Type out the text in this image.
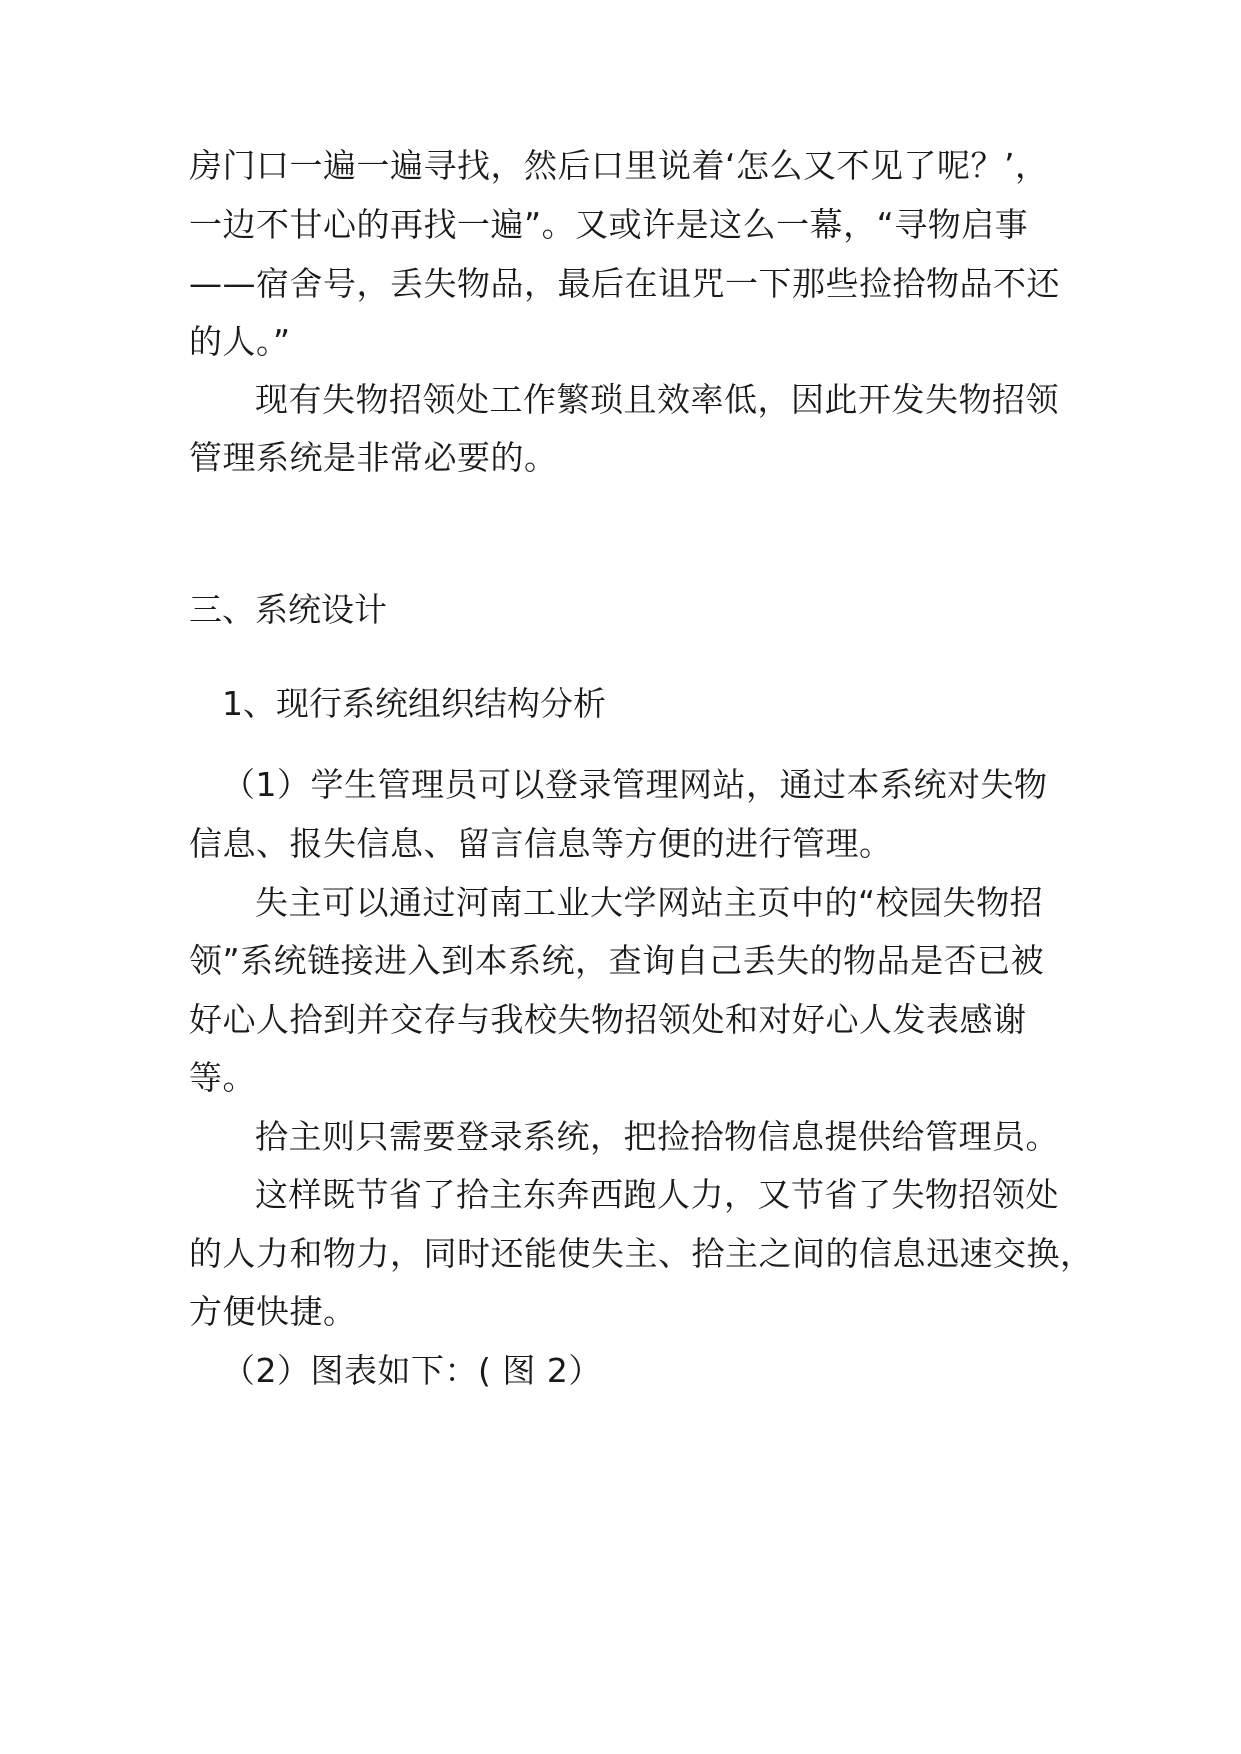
房门口一遍一遍寻找，然后口里说着‘怎么又不见了呢？’，
一边不甘心的再找一遍”。又或许是这么一幕，“寻物启事
——宿舍号，丢失物品，最后在诅咒一下那些捡拾物品不还
的人。”
现有失物招领处工作繁琐且效率低，因此开发失物招领
管理系统是非常必要的。
三、系统设计
1、现行系统组织结构分析
（1）学生管理员可以登录管理网站，通过本系统对失物
信息、报失信息、留言信息等方便的进行管理。
失主可以通过河南工业大学网站主页中的“校园失物招
领”系统链接进入到本系统，查询自己丢失的物品是否已被
好心人拾到并交存与我校失物招领处和对好心人发表感谢
等。
拾主则只需要登录系统，把捡拾物信息提供给管理员。
这样既节省了拾主东奔西跑人力，又节省了失物招领处
的人力和物力，同时还能使失主、拾主之间的信息迅速交换，
方便快捷。
（2）图表如下：( 图 2）
